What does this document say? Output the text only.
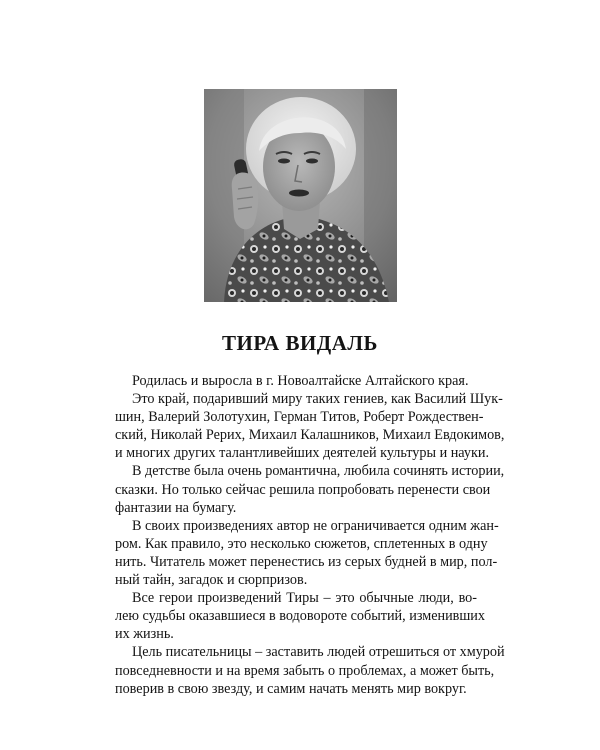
ТИРА ВИДАЛЬ
Родилась и выросла в г. Новоалтайске Алтайского края.
Это край, подаривший миру таких гениев, как Василий Шук-
шин, Валерий Золотухин, Герман Титов, Роберт Рождествен-
ский, Николай Рерих, Михаил Калашников, Михаил Евдокимов,
и многих других талантливейших деятелей культуры и науки.
В детстве была очень романтична, любила сочинять истории,
сказки. Но только сейчас решила попробовать перенести свои
фантазии на бумагу.
В своих произведениях автор не ограничивается одним жан-
ром. Как правило, это несколько сюжетов, сплетенных в одну
нить. Читатель может перенестись из серых будней в мир, пол-
ный тайн, загадок и сюрпризов.
Все герои произведений Тиры – это обычные люди, во-
лею судьбы оказавшиеся в водовороте событий, изменивших
их жизнь.
Цель писательницы – заставить людей отрешиться от хмурой
повседневности и на время забыть о проблемах, а может быть,
поверив в свою звезду, и самим начать менять мир вокруг.
